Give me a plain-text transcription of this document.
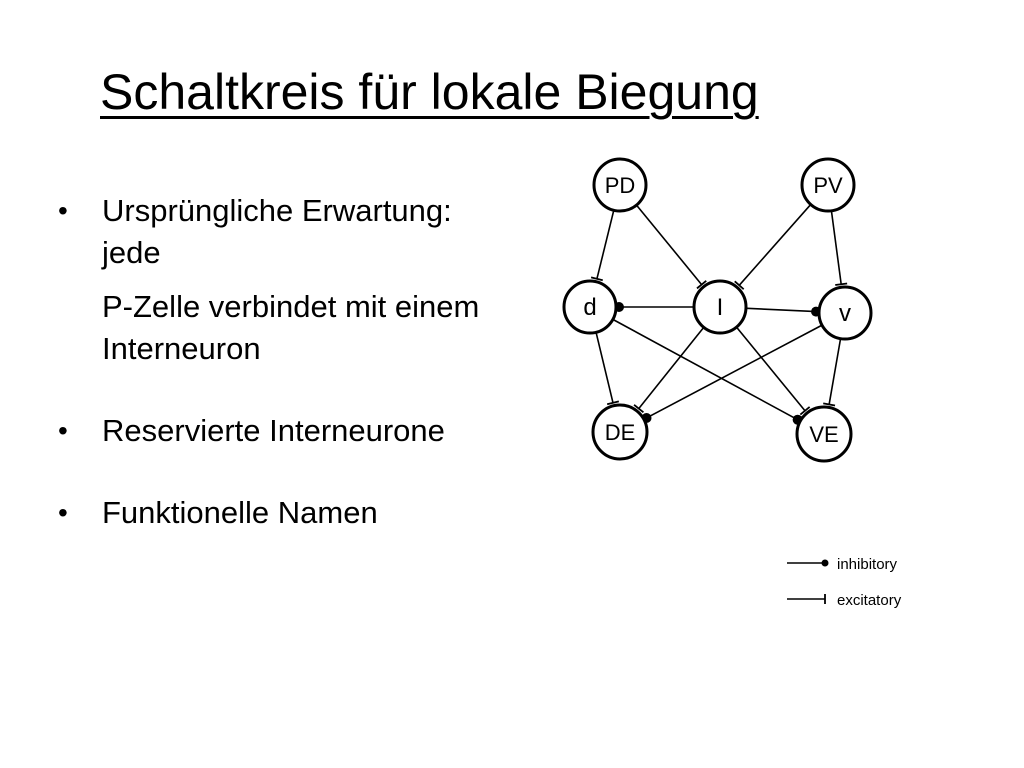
Schaltkreis für lokale Biegung
• Ursprüngliche Erwartung: jede

P-Zelle verbindet mit einem Interneuron

• Reservierte Interneurone

• Funktionelle Namen

PD	PV
d	I	v
DE	VE
inhibitory
excitatory
